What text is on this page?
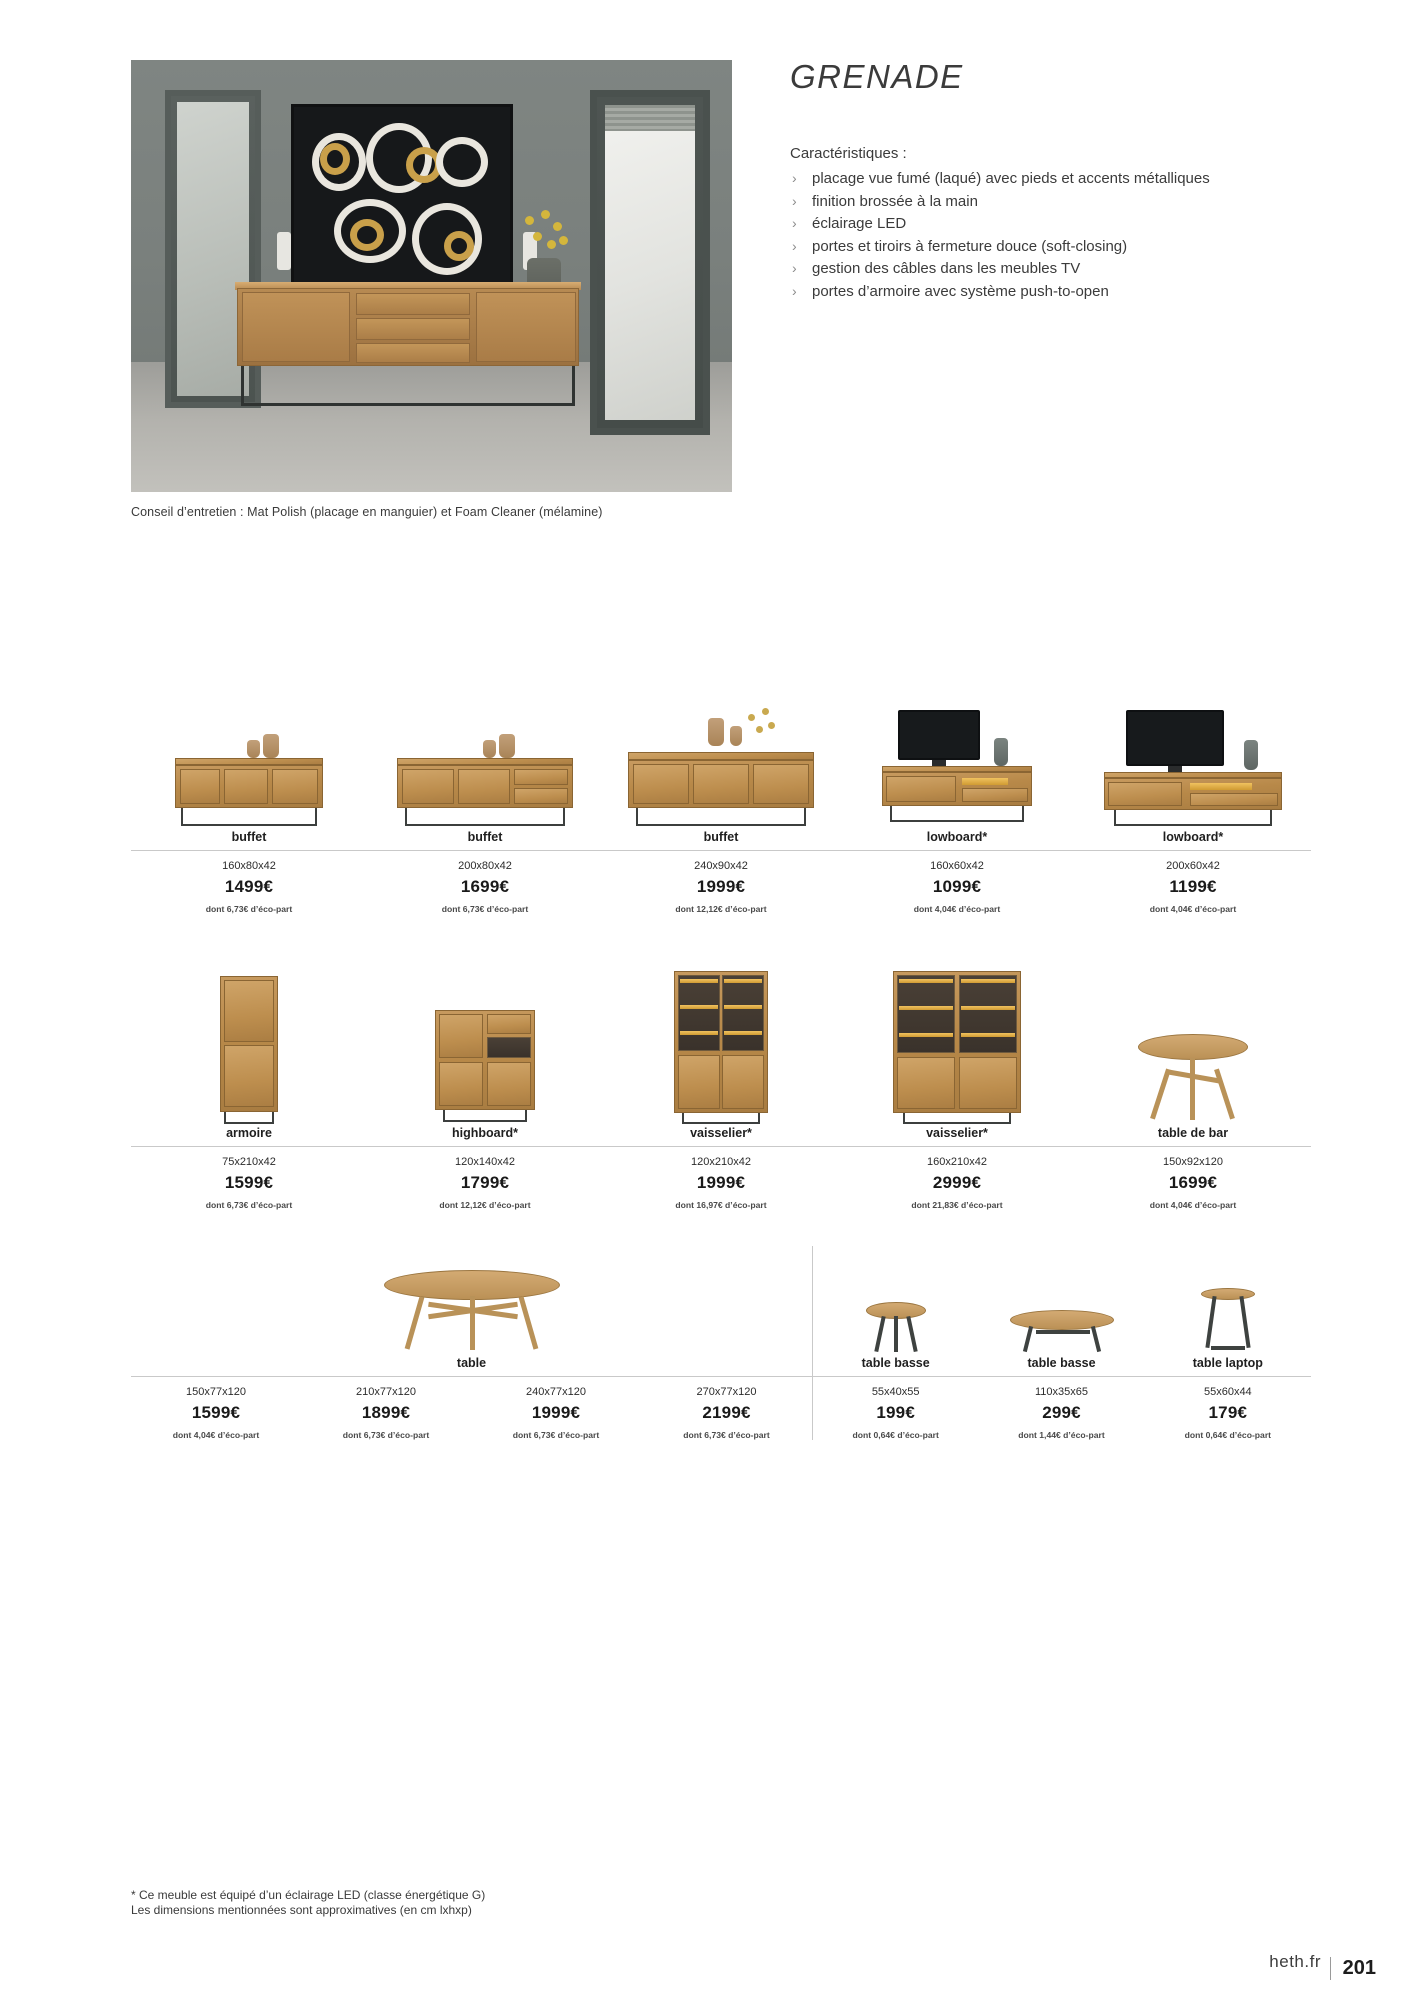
Conseil d’entretien : Mat Polish (placage en manguier) et Foam Cleaner (mélamine)
GRENADE
Caractéristiques :
› placage vue fumé (laqué) avec pieds et accents métalliques
› finition brossée à la main
› éclairage LED
› portes et tiroirs à fermeture douce (soft-closing)
› gestion des câbles dans les meubles TV
› portes d’armoire avec système push-to-open
buffet
160x80x42
1499€
dont 6,73€ d’éco-part
buffet
200x80x42
1699€
dont 6,73€ d’éco-part
buffet
240x90x42
1999€
dont 12,12€ d’éco-part
lowboard*
160x60x42
1099€
dont 4,04€ d’éco-part
lowboard*
200x60x42
1199€
dont 4,04€ d’éco-part
armoire
75x210x42
1599€
dont 6,73€ d’éco-part
highboard*
120x140x42
1799€
dont 12,12€ d’éco-part
vaisselier*
120x210x42
1999€
dont 16,97€ d’éco-part
vaisselier*
160x210x42
2999€
dont 21,83€ d’éco-part
table de bar
150x92x120
1699€
dont 4,04€ d’éco-part
table
150x77x120
1599€
dont 4,04€ d’éco-part
210x77x120
1899€
dont 6,73€ d’éco-part
240x77x120
1999€
dont 6,73€ d’éco-part
270x77x120
2199€
dont 6,73€ d’éco-part
table basse
55x40x55
199€
dont 0,64€ d’éco-part
table basse
110x35x65
299€
dont 1,44€ d’éco-part
table laptop
55x60x44
179€
dont 0,64€ d’éco-part
* Ce meuble est équipé d’un éclairage LED (classe énergétique G)
Les dimensions mentionnées sont approximatives (en cm lxhxp)
heth.fr	201
